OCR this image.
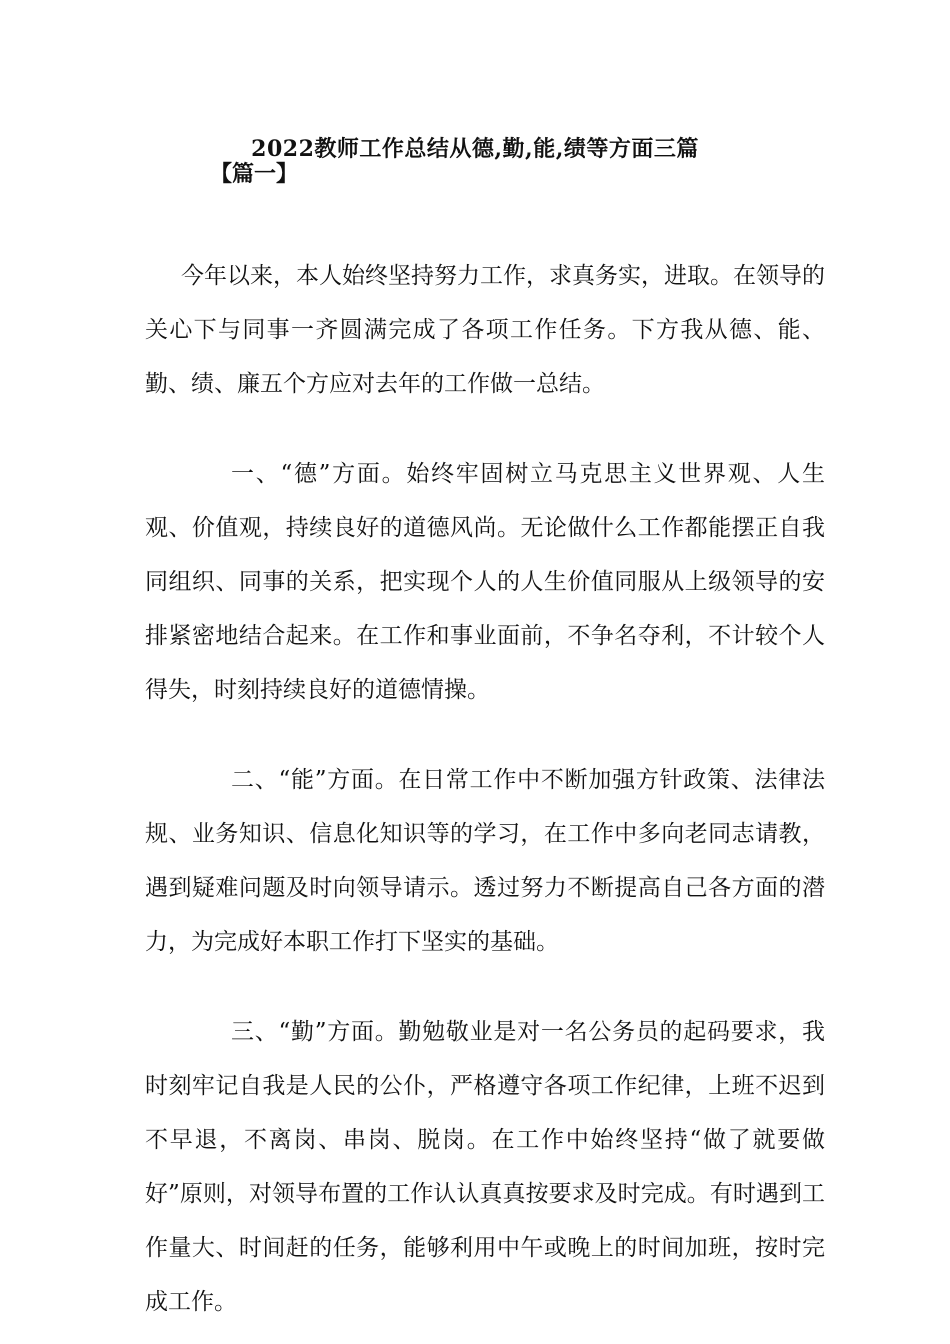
2022教师工作总结从德,勤,能,绩等方面三篇
【篇一】

今年以来，本人始终坚持努力工作，求真务实，进取。在领导的关心下与同事一齐圆满完成了各项工作任务。下方我从德、能、勤、绩、廉五个方应对去年的工作做一总结。

一、“德”方面。始终牢固树立马克思主义世界观、人生观、价值观，持续良好的道德风尚。无论做什么工作都能摆正自我同组织、同事的关系，把实现个人的人生价值同服从上级领导的安排紧密地结合起来。在工作和事业面前，不争名夺利，不计较个人得失，时刻持续良好的道德情操。

二、“能”方面。在日常工作中不断加强方针政策、法律法规、业务知识、信息化知识等的学习，在工作中多向老同志请教，遇到疑难问题及时向领导请示。透过努力不断提高自己各方面的潜力，为完成好本职工作打下坚实的基础。

三、“勤”方面。勤勉敬业是对一名公务员的起码要求，我时刻牢记自我是人民的公仆，严格遵守各项工作纪律，上班不迟到不早退，不离岗、串岗、脱岗。在工作中始终坚持“做了就要做好”原则，对领导布置的工作认认真真按要求及时完成。有时遇到工作量大、时间赶的任务，能够利用中午或晚上的时间加班，按时完成工作。
